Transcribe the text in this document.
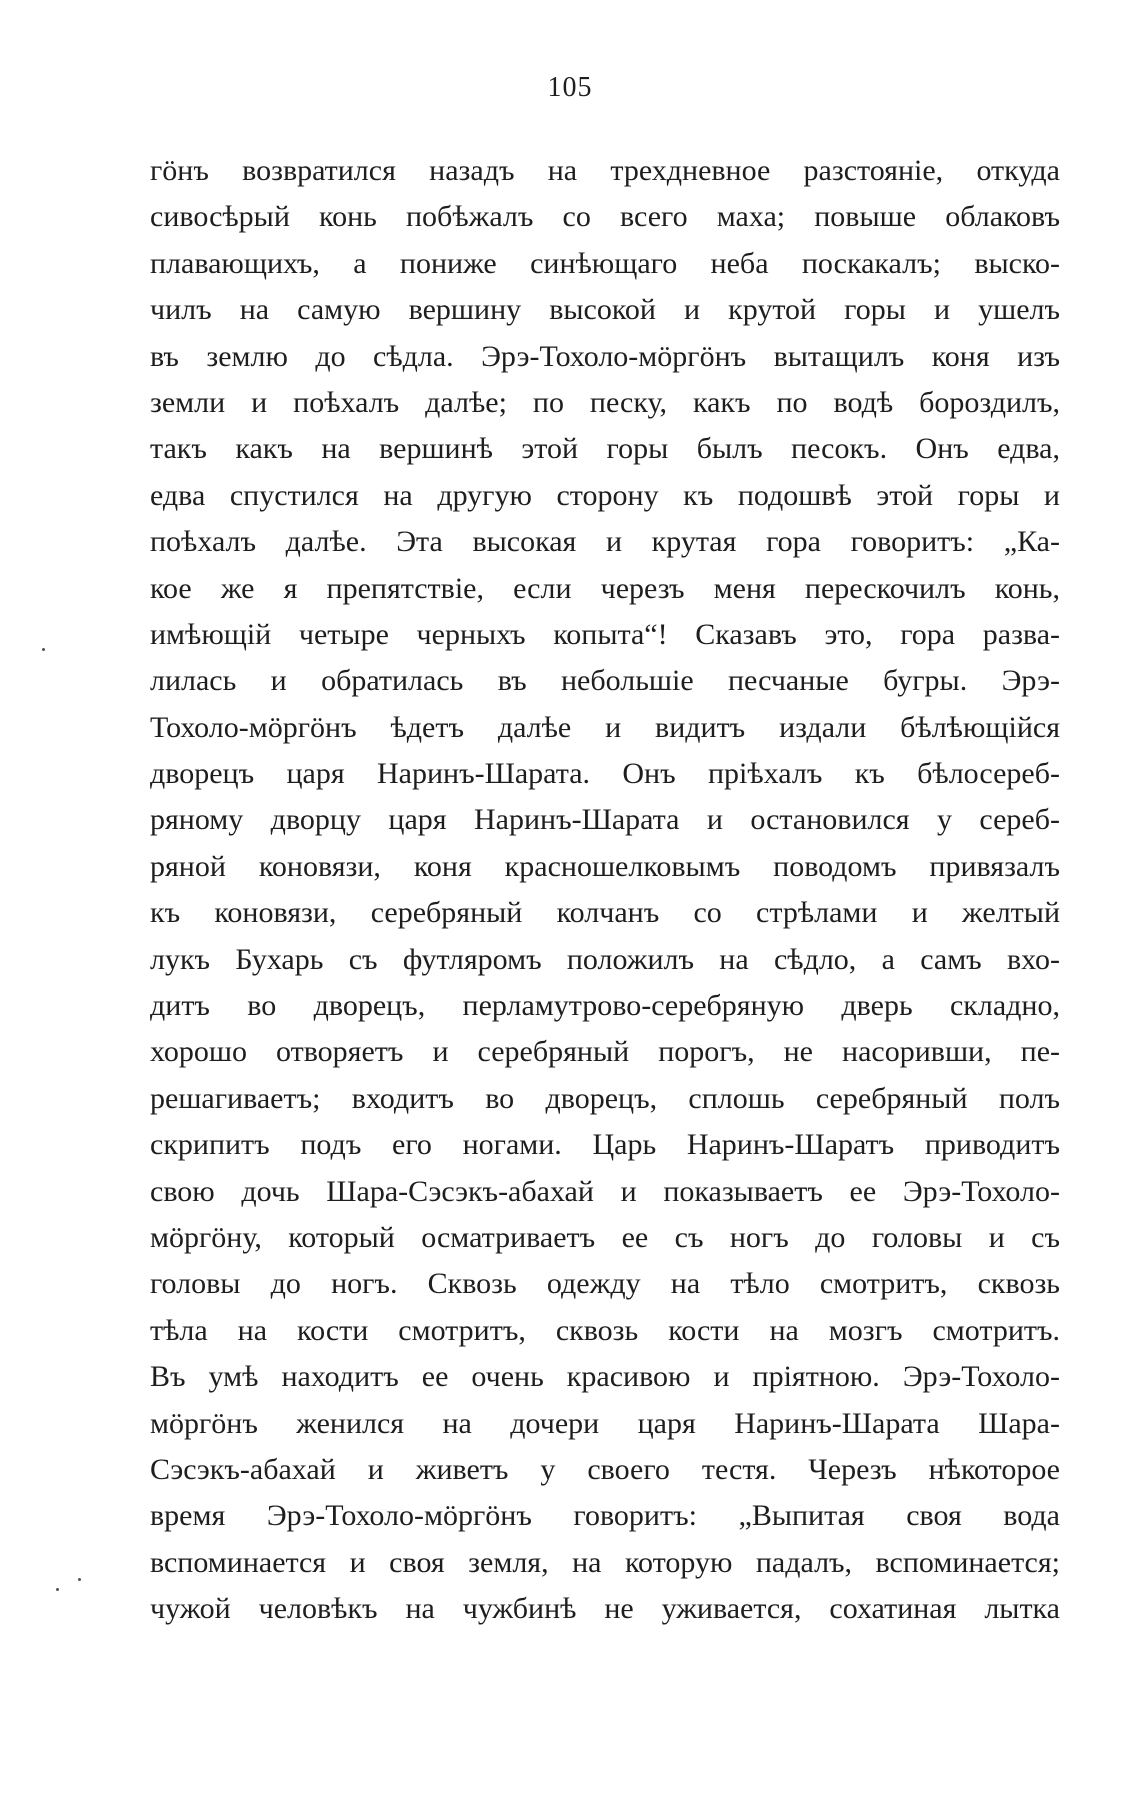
105
гöнъ возвратился назадъ на трехдневное разстояніе, откуда
сивосѣрый конь побѣжалъ со всего маха; повыше облаковъ
плавающихъ, а пониже синѣющаго неба поскакалъ; выско-
чилъ на самую вершину высокой и крутой горы и ушелъ
въ землю до сѣдла. Эрэ-Тохоло-мöргöнъ вытащилъ коня изъ
земли и поѣхалъ далѣе; по песку, какъ по водѣ бороздилъ,
такъ какъ на вершинѣ этой горы былъ песокъ. Онъ едва,
едва спустился на другую сторону къ подошвѣ этой горы и
поѣхалъ далѣе. Эта высокая и крутая гора говоритъ: „Ка-
кое же я препятствіе, если черезъ меня перескочилъ конь,
имѣющій четыре черныхъ копыта“! Сказавъ это, гора разва-
лилась и обратилась въ небольшіе песчаные бугры. Эрэ-
Тохоло-мöргöнъ ѣдетъ далѣе и видитъ издали бѣлѣющійся
дворецъ царя Наринъ-Шарата. Онъ пріѣхалъ къ бѣлосереб-
ряному дворцу царя Наринъ-Шарата и остановился у сереб-
ряной коновязи, коня красношелковымъ поводомъ привязалъ
къ коновязи, серебряный колчанъ со стрѣлами и желтый
лукъ Бухарь съ футляромъ положилъ на сѣдло, а самъ вхо-
дитъ во дворецъ, перламутрово-серебряную дверь складно,
хорошо отворяетъ и серебряный порогъ, не насоривши, пе-
решагиваетъ; входитъ во дворецъ, сплошь серебряный полъ
скрипитъ подъ его ногами. Царь Наринъ-Шаратъ приводитъ
свою дочь Шара-Сэсэкъ-абахай и показываетъ ее Эрэ-Тохоло-
мöргöну, который осматриваетъ ее съ ногъ до головы и съ
головы до ногъ. Сквозь одежду на тѣло смотритъ, сквозь
тѣла на кости смотритъ, сквозь кости на мозгъ смотритъ.
Въ умѣ находитъ ее очень красивою и пріятною. Эрэ-Тохоло-
мöргöнъ женился на дочери царя Наринъ-Шарата Шара-
Сэсэкъ-абахай и живетъ у своего тестя. Черезъ нѣкоторое
время Эрэ-Тохоло-мöргöнъ говоритъ: „Выпитая своя вода
вспоминается и своя земля, на которую падалъ, вспоминается;
чужой человѣкъ на чужбинѣ не уживается, сохатиная лытка
